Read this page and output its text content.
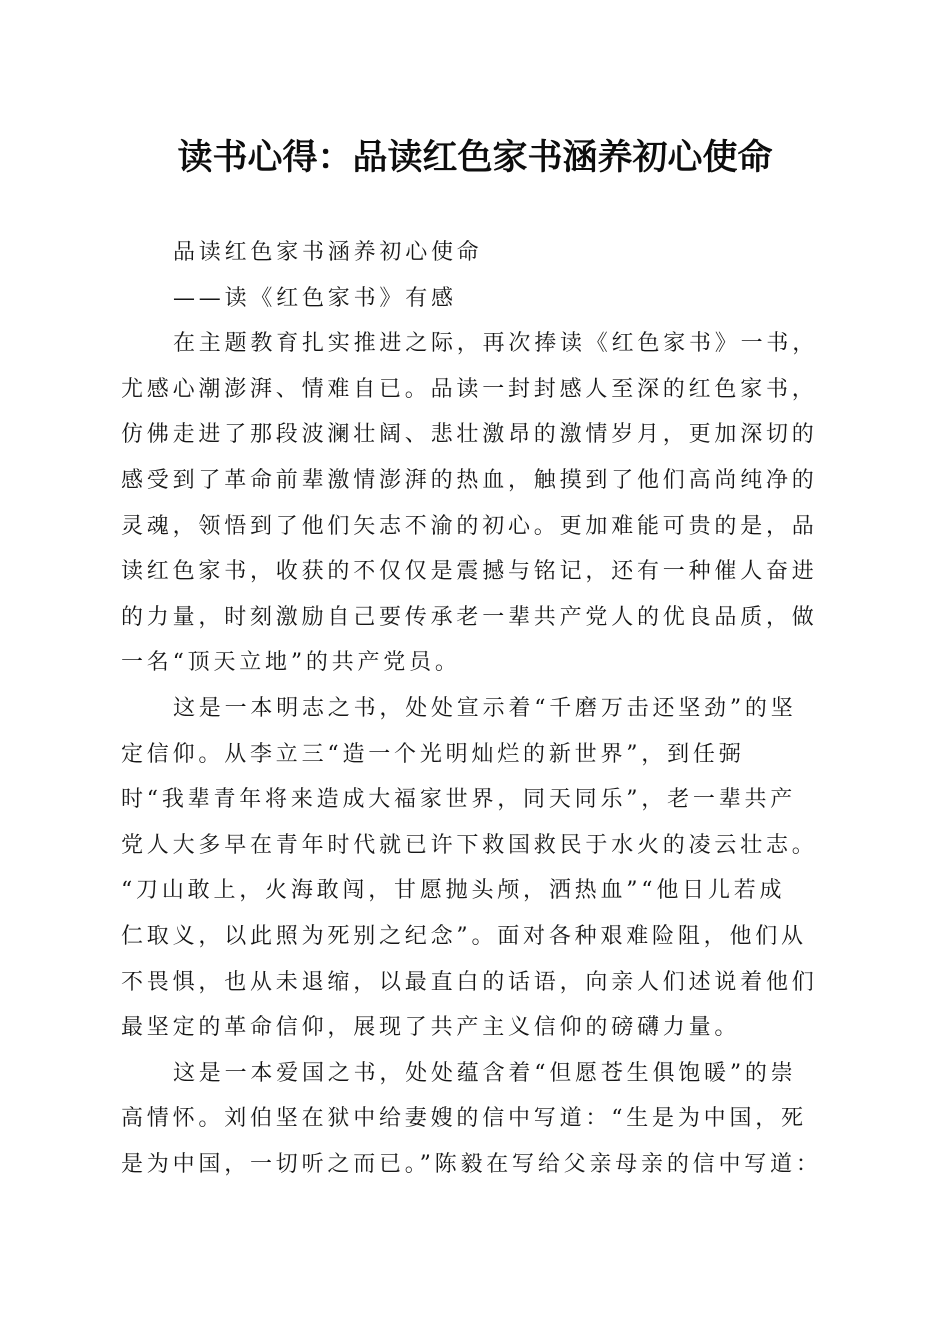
读书心得：品读红色家书涵养初心使命
品读红色家书涵养初心使命
——读《红色家书》有感
在主题教育扎实推进之际，再次捧读《红色家书》一书，
尤感心潮澎湃、情难自已。品读一封封感人至深的红色家书，
仿佛走进了那段波澜壮阔、悲壮激昂的激情岁月，更加深切的
感受到了革命前辈激情澎湃的热血，触摸到了他们高尚纯净的
灵魂，领悟到了他们矢志不渝的初心。更加难能可贵的是，品
读红色家书，收获的不仅仅是震撼与铭记，还有一种催人奋进
的力量，时刻激励自己要传承老一辈共产党人的优良品质，做
一名“顶天立地”的共产党员。
这是一本明志之书，处处宣示着“千磨万击还坚劲”的坚
定信仰。从李立三“造一个光明灿烂的新世界”，到任弼
时“我辈青年将来造成大福家世界，同天同乐”，老一辈共产
党人大多早在青年时代就已许下救国救民于水火的凌云壮志。
“刀山敢上，火海敢闯，甘愿抛头颅，洒热血”“他日儿若成
仁取义，以此照为死别之纪念”。面对各种艰难险阻，他们从
不畏惧，也从未退缩，以最直白的话语，向亲人们述说着他们
最坚定的革命信仰，展现了共产主义信仰的磅礴力量。
这是一本爱国之书，处处蕴含着“但愿苍生俱饱暖”的崇
高情怀。刘伯坚在狱中给妻嫂的信中写道：“生是为中国，死
是为中国，一切听之而已。”陈毅在写给父亲母亲的信中写道：
